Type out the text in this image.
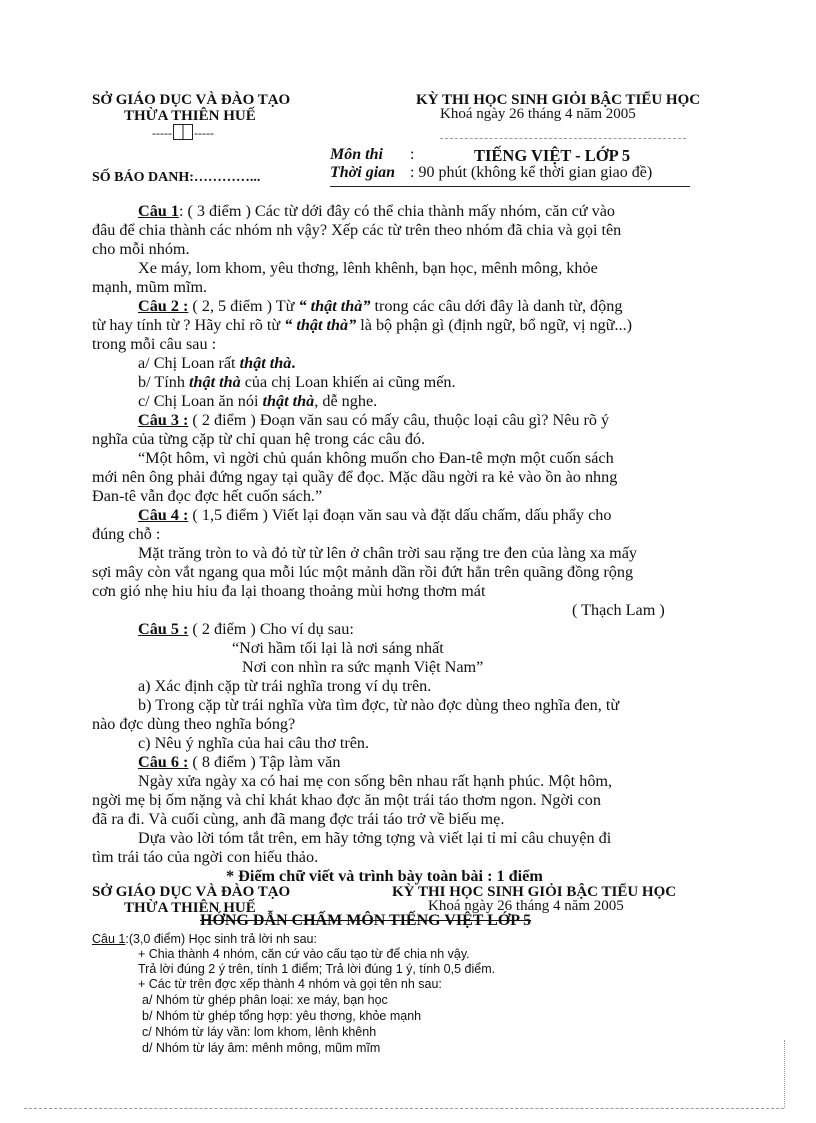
SỞ GIÁO DỤC VÀ ĐÀO TẠO
THỪA THIÊN HUẾ
----- -----
KỲ THI HỌC SINH GIỎI BẬC TIỂU HỌC
Khoá ngày 26 tháng 4 năm 2005
Môn thi :	TIẾNG VIỆT - LỚP 5
Thời gian : 90 phút (không kể thời gian giao đề)
SỐ BÁO DANH:…………...
Câu 1: ( 3 điểm ) Các từ dới đây có thể chia thành mấy nhóm, căn cứ vào
đâu để chia thành các nhóm nh vậy? Xếp các từ trên theo nhóm đã chia và gọi tên
cho mỗi nhóm.
Xe máy, lom khom, yêu thơng, lênh khênh, bạn học, mênh mông, khỏe
mạnh, mũm mĩm.
Câu 2 : ( 2, 5 điểm ) Từ “ thật thà” trong các câu dới đây là danh từ, động
từ hay tính từ ? Hãy chỉ rõ từ “ thật thà” là bộ phận gì (định ngữ, bổ ngữ, vị ngữ...)
trong mỗi câu sau :
a/ Chị Loan rất thật thà.
b/ Tính thật thà của chị Loan khiến ai cũng mến.
c/ Chị Loan ăn nói thật thà, dễ nghe.
Câu 3 : ( 2 điểm ) Đoạn văn sau có mấy câu, thuộc loại câu gì? Nêu rõ ý
nghĩa của từng cặp từ chỉ quan hệ trong các câu đó.
“Một hôm, vì ngời chủ quán không muốn cho Đan-tê mợn một cuốn sách
mới nên ông phải đứng ngay tại quầy để đọc. Mặc dầu ngời ra kẻ vào ồn ào nhng
Đan-tê vẫn đọc đợc hết cuốn sách.”
Câu 4 : ( 1,5 điểm ) Viết lại đoạn văn sau và đặt dấu chấm, dấu phẩy cho
đúng chỗ :
Mặt trăng tròn to và đỏ từ từ lên ở chân trời sau rặng tre đen của làng xa mấy
sợi mây còn vắt ngang qua mỗi lúc một mảnh dần rồi đứt hẳn trên quãng đồng rộng
cơn gió nhẹ hiu hiu đa lại thoang thoảng mùi hơng thơm mát
( Thạch Lam )
Câu 5 : ( 2 điểm ) Cho ví dụ sau:
“Nơi hầm tối lại là nơi sáng nhất
Nơi con nhìn ra sức mạnh Việt Nam”
a) Xác định cặp từ trái nghĩa trong ví dụ trên.
b) Trong cặp từ trái nghĩa vừa tìm đợc, từ nào đợc dùng theo nghĩa đen, từ
nào đợc dùng theo nghĩa bóng?
c) Nêu ý nghĩa của hai câu thơ trên.
Câu 6 : ( 8 điểm ) Tập làm văn
Ngày xửa ngày xa có hai mẹ con sống bên nhau rất hạnh phúc. Một hôm,
ngời mẹ bị ốm nặng và chỉ khát khao đợc ăn một trái táo thơm ngon. Ngời con
đã ra đi. Và cuối cùng, anh đã mang đợc trái táo trở về biếu mẹ.
Dựa vào lời tóm tắt trên, em hãy tởng tợng và viết lại tỉ mỉ câu chuyện đi
tìm trái táo của ngời con hiếu thảo.
* Điểm chữ viết và trình bày toàn bài : 1 điểm
SỞ GIÁO DỤC VÀ ĐÀO TẠO
THỪA THIÊN HUẾ
KỲ THI HỌC SINH GIỎI BẬC TIỂU HỌC
Khoá ngày 26 tháng 4 năm 2005
HỚNG DẪN CHẤM MÔN TIẾNG VIỆT LỚP 5
Câu 1:(3,0 điểm) Học sinh trả lời nh sau:
+ Chia thành 4 nhóm, căn cứ vào cấu tạo từ để chia nh vậy.
Trả lời đúng 2 ý trên, tính 1 điểm; Trả lời đúng 1 ý, tính 0,5 điểm.
+ Các từ trên đợc xếp thành 4 nhóm và gọi tên nh sau:
a/ Nhóm từ ghép phân loại: xe máy, bạn học
b/ Nhóm từ ghép tổng hợp: yêu thơng, khỏe mạnh
c/ Nhóm từ láy vần: lom khom, lênh khênh
d/ Nhóm từ láy âm: mênh mông, mũm mĩm
